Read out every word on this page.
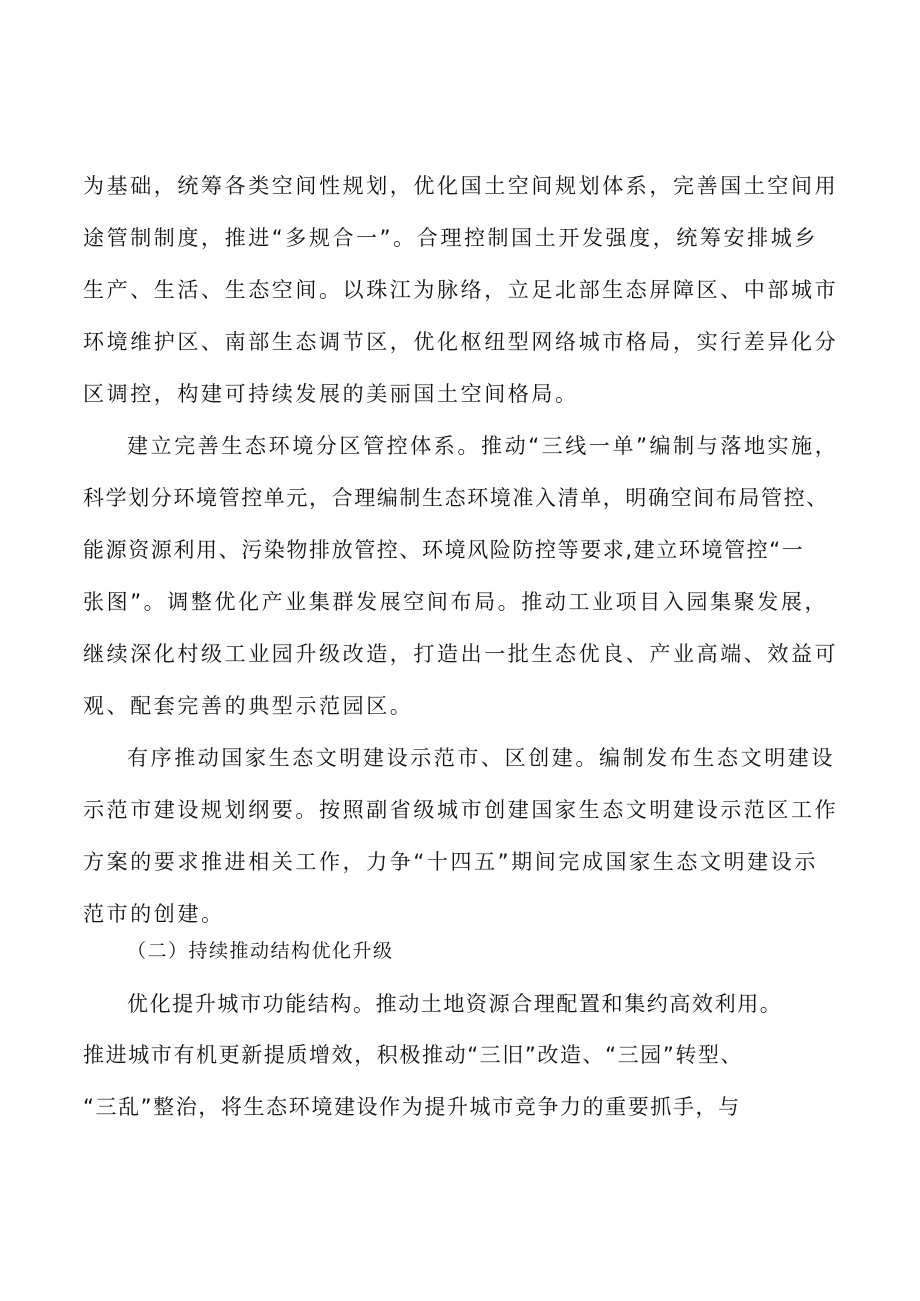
为基础，统筹各类空间性规划，优化国土空间规划体系，完善国土空间用
途管制制度，推进“多规合一”。合理控制国土开发强度，统筹安排城乡
生产、生活、生态空间。以珠江为脉络，立足北部生态屏障区、中部城市
环境维护区、南部生态调节区，优化枢纽型网络城市格局，实行差异化分
区调控，构建可持续发展的美丽国土空间格局。
建立完善生态环境分区管控体系。推动“三线一单”编制与落地实施，
科学划分环境管控单元，合理编制生态环境准入清单，明确空间布局管控、
能源资源利用、污染物排放管控、环境风险防控等要求,建立环境管控“一
张图”。调整优化产业集群发展空间布局。推动工业项目入园集聚发展，
继续深化村级工业园升级改造，打造出一批生态优良、产业高端、效益可
观、配套完善的典型示范园区。
有序推动国家生态文明建设示范市、区创建。编制发布生态文明建设
示范市建设规划纲要。按照副省级城市创建国家生态文明建设示范区工作
方案的要求推进相关工作，力争“十四五”期间完成国家生态文明建设示
范市的创建。
（二）持续推动结构优化升级
优化提升城市功能结构。推动土地资源合理配置和集约高效利用。
推进城市有机更新提质增效，积极推动“三旧”改造、“三园”转型、
“三乱”整治，将生态环境建设作为提升城市竞争力的重要抓手，与
